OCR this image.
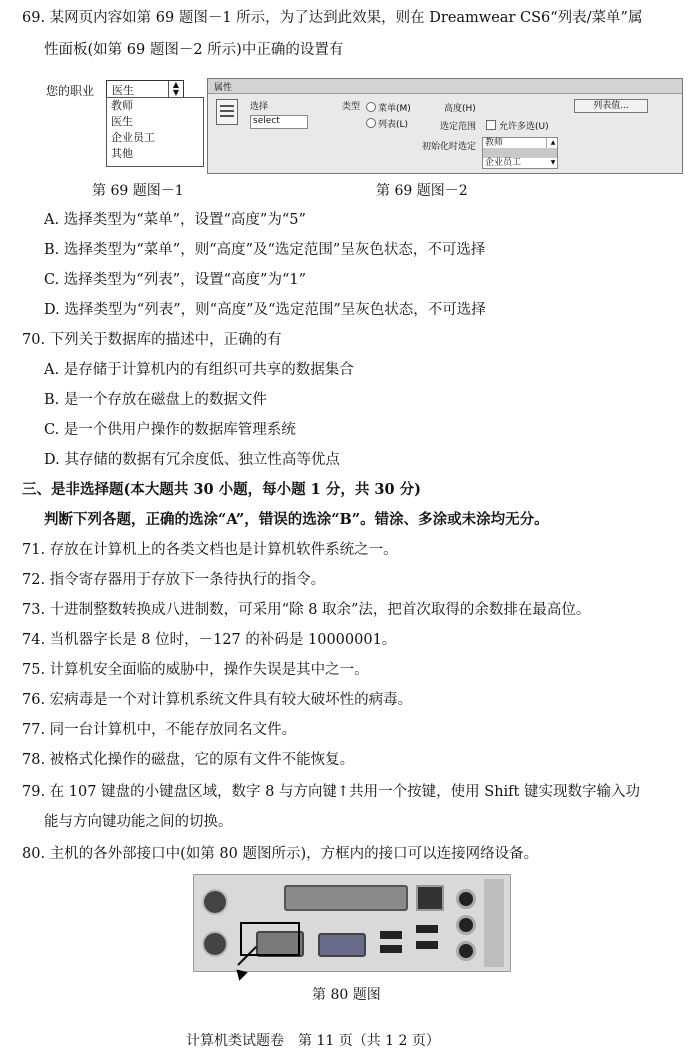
69. 某网页内容如第 69 题图－1 所示，为了达到此效果，则在 Dreamwear CS6“列表/菜单”属
性面板(如第 69 题图－2 所示)中正确的设置有
您的职业 医生	▲
▼
教师
医生
企业员工
其他
属性
选择
select
类型	菜单(M)
列表(L)
高度(H)
选定范围	允许多选(U)
列表值...
初始化时选定 教师
企业员工
▲

▼
第 69 题图－1	第 69 题图－2
A. 选择类型为“菜单”，设置“高度”为“5”
B. 选择类型为“菜单”，则“高度”及“选定范围”呈灰色状态，不可选择
C. 选择类型为“列表”，设置“高度”为“1”
D. 选择类型为“列表”，则“高度”及“选定范围”呈灰色状态，不可选择
70. 下列关于数据库的描述中，正确的有
A. 是存储于计算机内的有组织可共享的数据集合
B. 是一个存放在磁盘上的数据文件
C. 是一个供用户操作的数据库管理系统
D. 其存储的数据有冗余度低、独立性高等优点
三、是非选择题(本大题共 30 小题，每小题 1 分，共 30 分)
判断下列各题，正确的选涂“A”，错误的选涂“B”。错涂、多涂或未涂均无分。
71. 存放在计算机上的各类文档也是计算机软件系统之一。
72. 指令寄存器用于存放下一条待执行的指令。
73. 十进制整数转换成八进制数，可采用“除 8 取余”法，把首次取得的余数排在最高位。
74. 当机器字长是 8 位时，－127 的补码是 10000001。
75. 计算机安全面临的威胁中，操作失误是其中之一。
76. 宏病毒是一个对计算机系统文件具有较大破坏性的病毒。
77. 同一台计算机中，不能存放同名文件。
78. 被格式化操作的磁盘，它的原有文件不能恢复。
79. 在 107 键盘的小键盘区域，数字 8 与方向键↑共用一个按键，使用 Shift 键实现数字输入功
能与方向键功能之间的切换。
80. 主机的各外部接口中(如第 80 题图所示)，方框内的接口可以连接网络设备。
第 80 题图
计算机类试题卷　第 11 页（共 1 2 页）
